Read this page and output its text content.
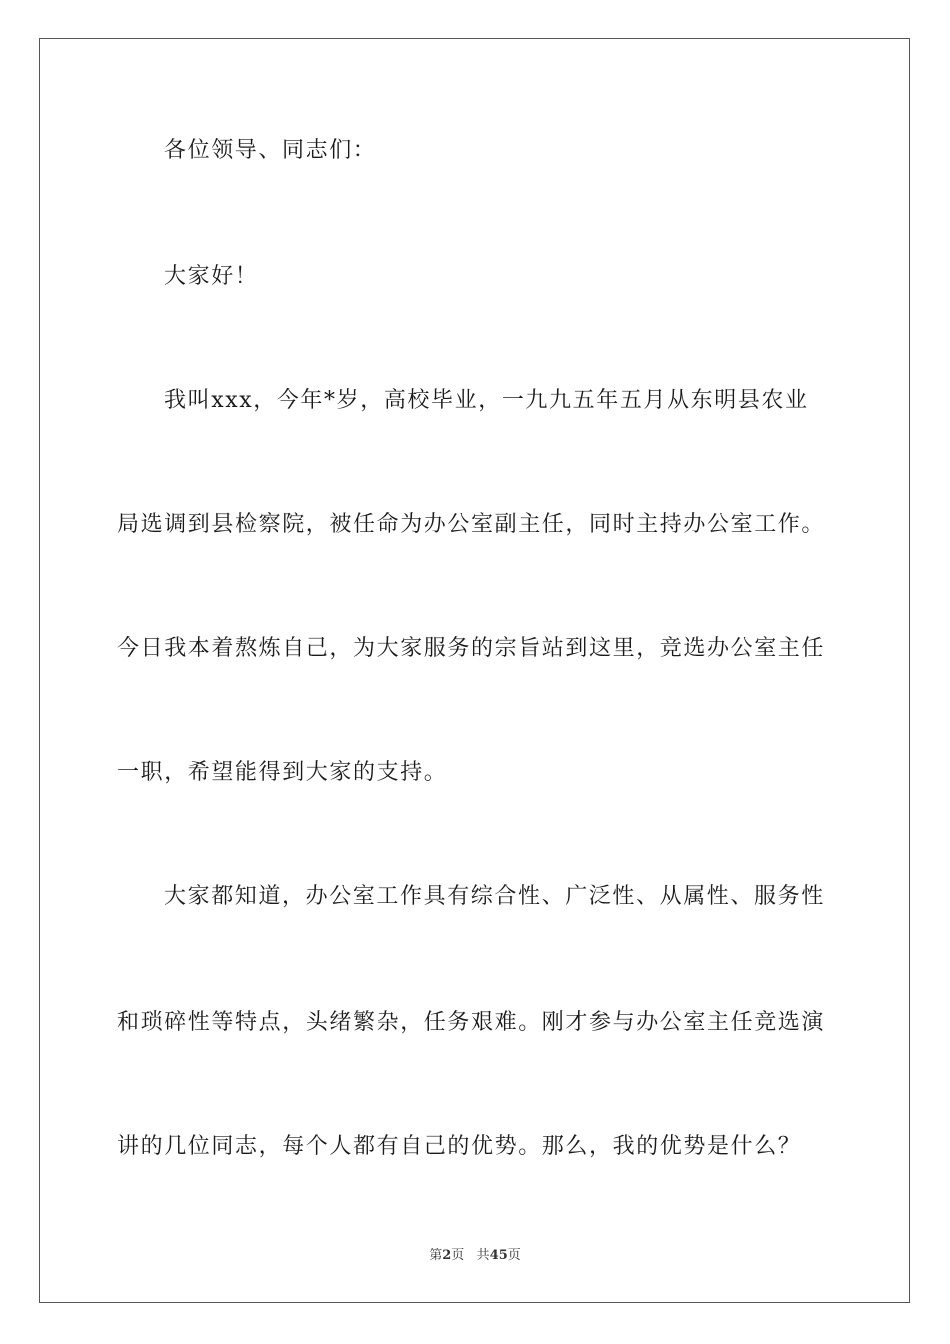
各位领导、同志们：
大家好！
我叫xxx，今年*岁，高校毕业，一九九五年五月从东明县农业
局选调到县检察院，被任命为办公室副主任，同时主持办公室工作。
今日我本着熬炼自己，为大家服务的宗旨站到这里，竞选办公室主任
一职，希望能得到大家的支持。
大家都知道，办公室工作具有综合性、广泛性、从属性、服务性
和琐碎性等特点，头绪繁杂，任务艰难。刚才参与办公室主任竞选演
讲的几位同志，每个人都有自己的优势。那么，我的优势是什么？
第2页 共45页
